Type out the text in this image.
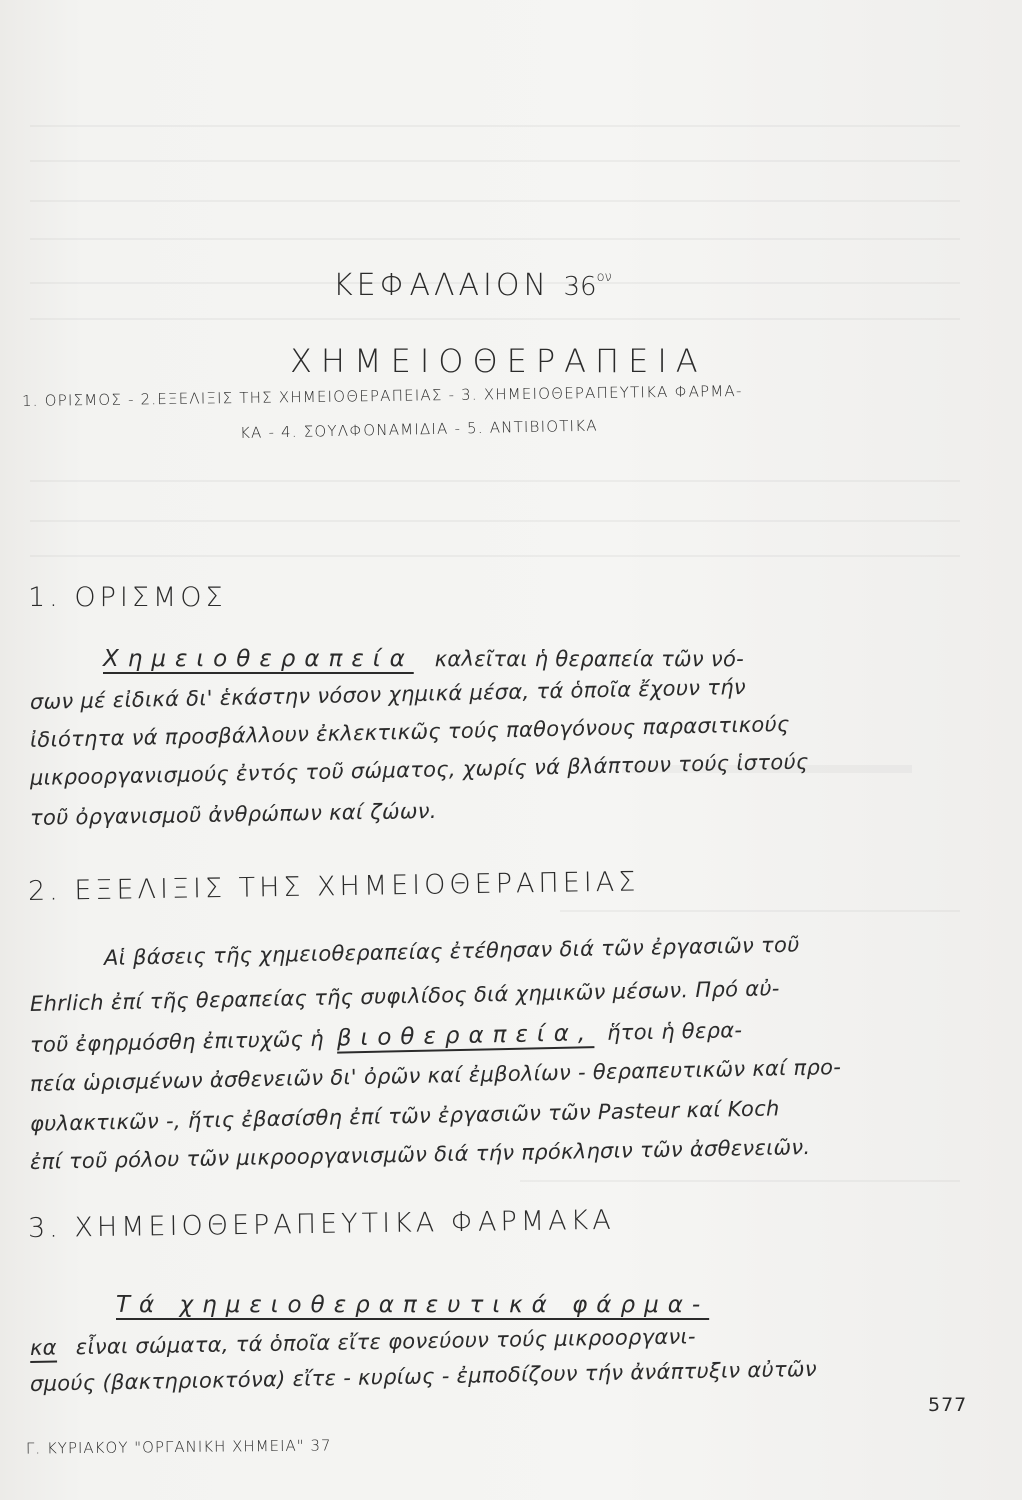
ΚΕΦΑΛΑΙΟΝ $36^{o\nu}$
ΧΗΜΕΙΟΘΕΡΑΠΕΙΑ
1. ΟΡΙΣΜΟΣ - 2.ΕΞΕΛΙΞΙΣ ΤΗΣ ΧΗΜΕΙΟΘΕΡΑΠΕΙΑΣ - 3. ΧΗΜΕΙΟΘΕΡΑΠΕΥΤΙΚΑ ΦΑΡΜΑ-
ΚΑ - 4. ΣΟΥΛΦΟΝΑΜΙΔΙΑ - 5. ΑΝΤΙΒΙΟΤΙΚΑ
1. ΟΡΙΣΜΟΣ
Χημειοθεραπεία καλεῖται ἡ θεραπεία τῶν νό-
σων μέ εἰδικά δι' ἑκάστην νόσον χημικά μέσα, τά ὁποῖα ἔχουν τήν
ἰδιότητα νά προσβάλλουν ἐκλεκτικῶς τούς παθογόνους παρασιτικούς
μικροοργανισμούς ἐντός τοῦ σώματος, χωρίς νά βλάπτουν τούς ἱστούς
τοῦ ὀργανισμοῦ ἀνθρώπων καί ζώων.
2. ΕΞΕΛΙΞΙΣ ΤΗΣ ΧΗΜΕΙΟΘΕΡΑΠΕΙΑΣ
Αἱ βάσεις τῆς χημειοθεραπείας ἐτέθησαν διά τῶν ἐργασιῶν τοῦ
Ehrlich ἐπί τῆς θεραπείας τῆς συφιλίδος διά χημικῶν μέσων. Πρό αὐ-
τοῦ ἐφηρμόσθη ἐπιτυχῶς ἡ βιοθεραπεία, ἥτοι ἡ θερα-
πεία ὡρισμένων ἀσθενειῶν δι' ὀρῶν καί ἐμβολίων - θεραπευτικῶν καί προ-
φυλακτικῶν -, ἥτις ἐβασίσθη ἐπί τῶν ἐργασιῶν τῶν Pasteur καί Koch
ἐπί τοῦ ρόλου τῶν μικροοργανισμῶν διά τήν πρόκλησιν τῶν ἀσθενειῶν.
3. ΧΗΜΕΙΟΘΕΡΑΠΕΥΤΙΚΑ ΦΑΡΜΑΚΑ
Τά χημειοθεραπευτικά φάρμα-
κα εἶναι σώματα, τά ὁποῖα εἴτε φονεύουν τούς μικροοργανι-
σμούς (βακτηριοκτόνα) εἴτε - κυρίως - ἐμποδίζουν τήν ἀνάπτυξιν αὐτῶν
577
Γ. ΚΥΡΙΑΚΟΥ "ΟΡΓΑΝΙΚΗ ΧΗΜΕΙΑ" 37
